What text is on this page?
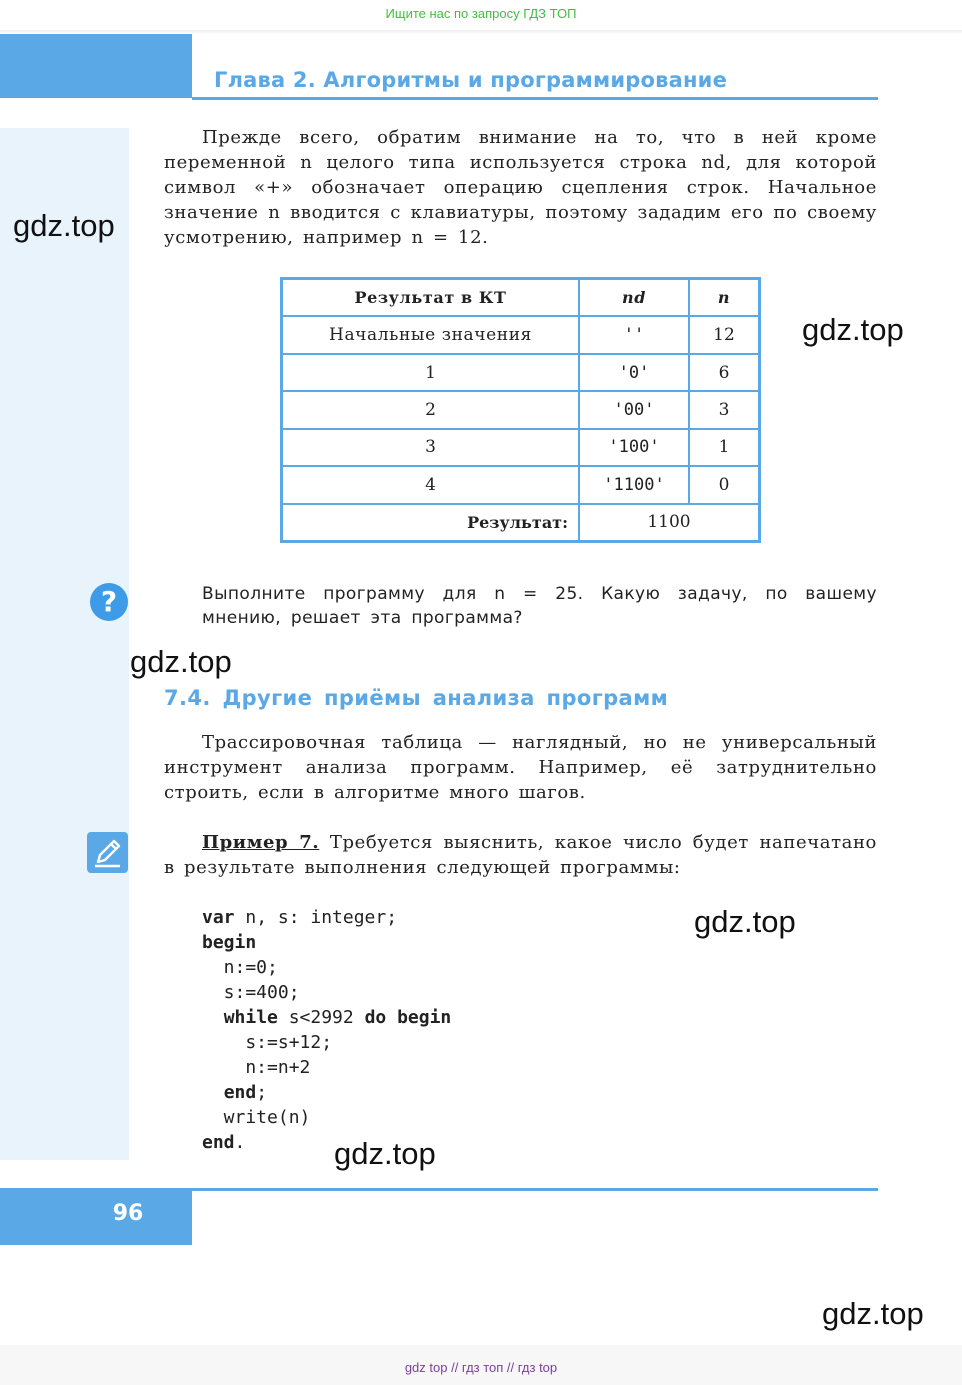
Ищите нас по запросу ГДЗ ТОП
Глава 2. Алгоритмы и программирование
Прежде всего, обратим внимание на то, что в ней кроме переменной n целого типа используется строка nd, для которой символ «+» обозначает операцию сцепления строк. Начальное значение n вводится с клавиатуры, поэтому зададим его по своему усмотрению, например n = 12.
gdz.top
gdz.top
Результат в КТ	nd	n
Начальные значения	''	12
1	'0'	6
2	'00'	3
3	'100'	1
4	'1100'	0
Результат:	1100	
?	Выполните программу для n = 25. Какую задачу, по вашему мнению, решает эта программа?
gdz.top
7.4. Другие приёмы анализа программ
Трассировочная таблица — наглядный, но не универсальный инструмент анализа программ. Например, её затруднительно строить, если в алгоритме много шагов.
Пример 7. Требуется выяснить, какое число будет напечатано в результате выполнения следующей программы:
var n, s: integer;
begin
n:=0;
s:=400;
while s<2992 do begin
s:=s+12;
n:=n+2
end;
write(n)
end.
gdz.top
gdz.top
96
gdz.top
gdz top // гдз топ // гдз top
